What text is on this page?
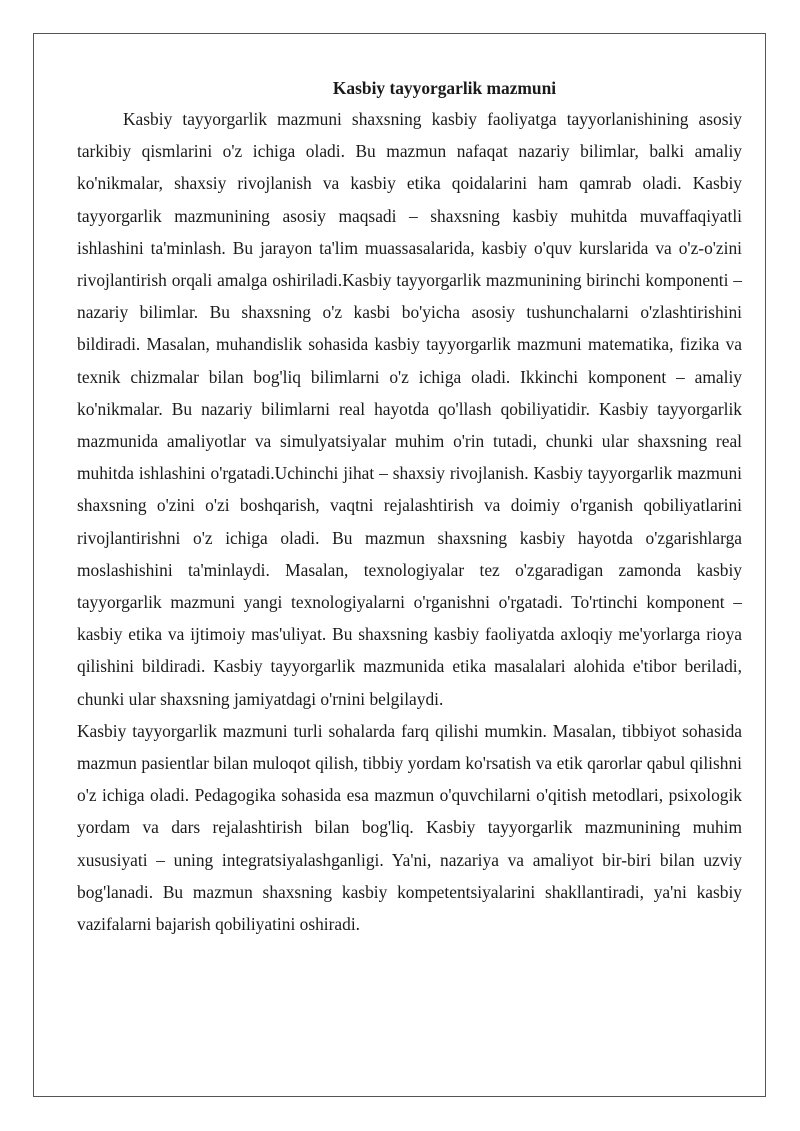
Kasbiy tayyorgarlik mazmuni

Kasbiy tayyorgarlik mazmuni shaxsning kasbiy faoliyatga tayyorlanishining asosiy tarkibiy qismlarini o'z ichiga oladi. Bu mazmun nafaqat nazariy bilimlar, balki amaliy ko'nikmalar, shaxsiy rivojlanish va kasbiy etika qoidalarini ham qamrab oladi. Kasbiy tayyorgarlik mazmunining asosiy maqsadi – shaxsning kasbiy muhitda muvaffaqiyatli ishlashini ta'minlash. Bu jarayon ta'lim muassasalarida, kasbiy o'quv kurslarida va o'z-o'zini rivojlantirish orqali amalga oshiriladi.Kasbiy tayyorgarlik mazmunining birinchi komponenti – nazariy bilimlar. Bu shaxsning o'z kasbi bo'yicha asosiy tushunchalarni o'zlashtirishini bildiradi. Masalan, muhandislik sohasida kasbiy tayyorgarlik mazmuni matematika, fizika va texnik chizmalar bilan bog'liq bilimlarni o'z ichiga oladi. Ikkinchi komponent – amaliy ko'nikmalar. Bu nazariy bilimlarni real hayotda qo'llash qobiliyatidir. Kasbiy tayyorgarlik mazmunida amaliyotlar va simulyatsiyalar muhim o'rin tutadi, chunki ular shaxsning real muhitda ishlashini o'rgatadi.Uchinchi jihat – shaxsiy rivojlanish. Kasbiy tayyorgarlik mazmuni shaxsning o'zini o'zi boshqarish, vaqtni rejalashtirish va doimiy o'rganish qobiliyatlarini rivojlantirishni o'z ichiga oladi. Bu mazmun shaxsning kasbiy hayotda o'zgarishlarga moslashishini ta'minlaydi. Masalan, texnologiyalar tez o'zgaradigan zamonda kasbiy tayyorgarlik mazmuni yangi texnologiyalarni o'rganishni o'rgatadi. To'rtinchi komponent – kasbiy etika va ijtimoiy mas'uliyat. Bu shaxsning kasbiy faoliyatda axloqiy me'yorlarga rioya qilishini bildiradi. Kasbiy tayyorgarlik mazmunida etika masalalari alohida e'tibor beriladi, chunki ular shaxsning jamiyatdagi o'rnini belgilaydi.

Kasbiy tayyorgarlik mazmuni turli sohalarda farq qilishi mumkin. Masalan, tibbiyot sohasida mazmun pasientlar bilan muloqot qilish, tibbiy yordam ko'rsatish va etik qarorlar qabul qilishni o'z ichiga oladi. Pedagogika sohasida esa mazmun o'quvchilarni o'qitish metodlari, psixologik yordam va dars rejalashtirish bilan bog'liq. Kasbiy tayyorgarlik mazmunining muhim xususiyati – uning integratsiyalashganligi. Ya'ni, nazariya va amaliyot bir-biri bilan uzviy bog'lanadi. Bu mazmun shaxsning kasbiy kompetentsiyalarini shakllantiradi, ya'ni kasbiy vazifalarni bajarish qobiliyatini oshiradi.
